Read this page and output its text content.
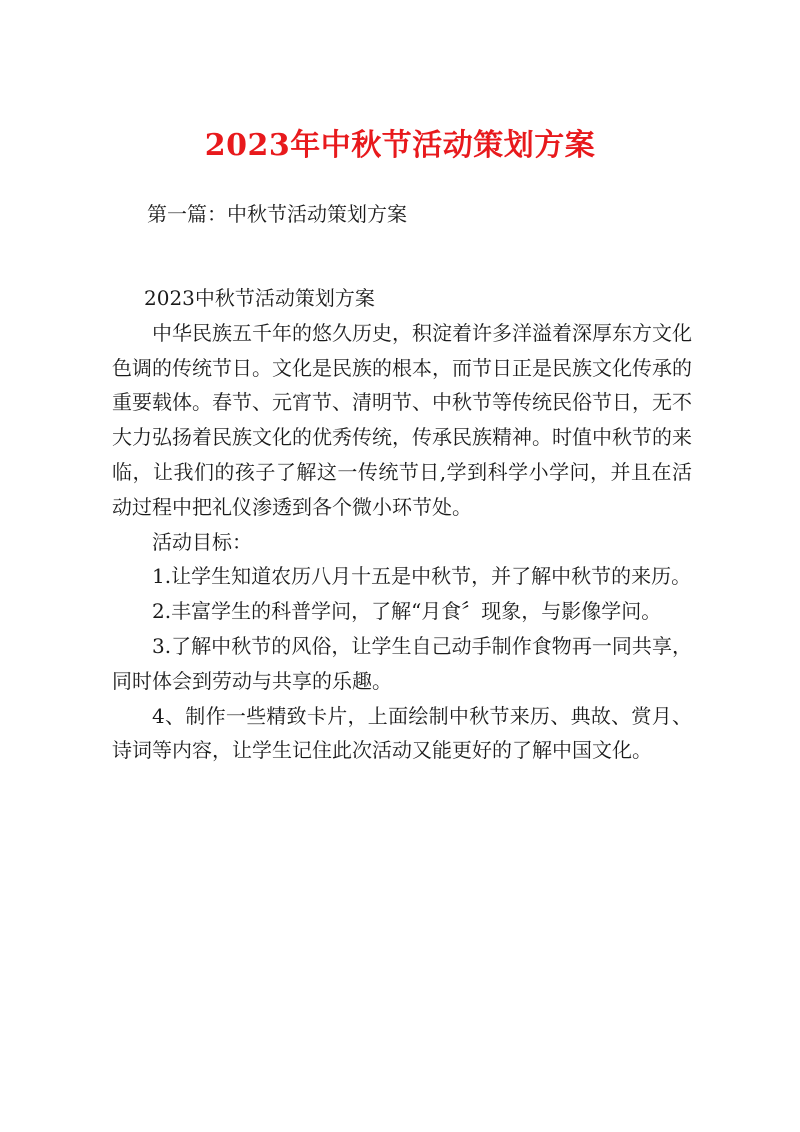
2023年中秋节活动策划方案
第一篇：中秋节活动策划方案

2023中秋节活动策划方案

中华民族五千年的悠久历史，积淀着许多洋溢着深厚东方文化色调的传统节日。文化是民族的根本，而节日正是民族文化传承的重要载体。春节、元宵节、清明节、中秋节等传统民俗节日，无不大力弘扬着民族文化的优秀传统，传承民族精神。时值中秋节的来临，让我们的孩子了解这一传统节日,学到科学小学问，并且在活动过程中把礼仪渗透到各个微小环节处。

活动目标：

1.让学生知道农历八月十五是中秋节，并了解中秋节的来历。

2.丰富学生的科普学问，了解“月食〞现象，与影像学问。

3.了解中秋节的风俗，让学生自己动手制作食物再一同共享，同时体会到劳动与共享的乐趣。

4、制作一些精致卡片，上面绘制中秋节来历、典故、赏月、诗词等内容，让学生记住此次活动又能更好的了解中国文化。
